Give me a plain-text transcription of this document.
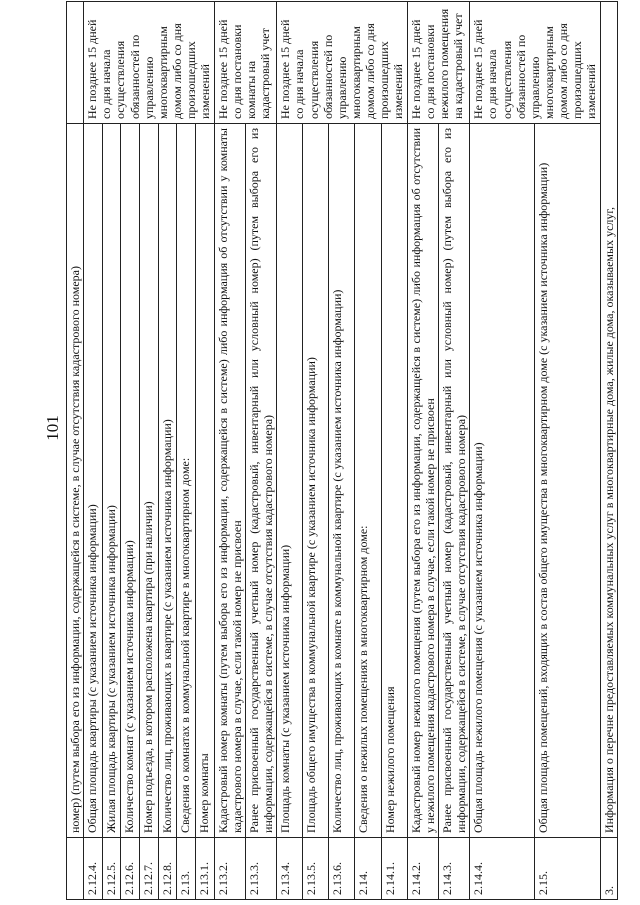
101
	номер) (путем выбора его из информации, содержащейся в системе, в случае отсутствия кадастрового номера)	
2.12.4.	Общая площадь квартиры (с указанием источника информации)	Не позднее 15 дней со дня начала осуществления обязанностей по управлению многоквартирным домом либо со дня произошедших изменений
2.12.5.	Жилая площадь квартиры (с указанием источника информации)	
2.12.6.	Количество комнат (с указанием источника информации)	
2.12.7.	Номер подъезда, в котором расположена квартира (при наличии)	
2.12.8.	Количество лиц, проживающих в квартире (с указанием источника информации)	
2.13.	Сведения о комнатах в коммунальной квартире в многоквартирном доме:	
2.13.1.	Номер комнаты	
2.13.2.	Кадастровый номер комнаты (путем выбора его из информации, содержащейся в системе) либо информация об отсутствии у комнаты кадастрового номера в случае, если такой номер не присвоен	Не позднее 15 дней со дня постановки комнаты на кадастровый учет
2.13.3.	Ранее присвоенный государственный учетный номер (кадастровый, инвентарный или условный номер) (путем выбора его из информации, содержащейся в системе, в случае отсутствия кадастрового номера)	
2.13.4.	Площадь комнаты (с указанием источника информации)	Не позднее 15 дней со дня начала осуществления обязанностей по управлению многоквартирным домом либо со дня произошедших изменений
2.13.5.	Площадь общего имущества в коммунальной квартире (с указанием источника информации)	
2.13.6.	Количество лиц, проживающих в комнате в коммунальной квартире (с указанием источника информации)	
2.14.	Сведения о нежилых помещениях в многоквартирном доме:	
2.14.1.	Номер нежилого помещения	
2.14.2.	Кадастровый номер нежилого помещения (путем выбора его из информации, содержащейся в системе) либо информация об отсутствии у нежилого помещения кадастрового номера в случае, если такой номер не присвоен	Не позднее 15 дней со дня постановки нежилого помещения на кадастровый учет
2.14.3.	Ранее присвоенный государственный учетный номер (кадастровый, инвентарный или условный номер) (путем выбора его из информации, содержащейся в системе, в случае отсутствия кадастрового номера)	
2.14.4.	Общая площадь нежилого помещения (с указанием источника информации)	Не позднее 15 дней со дня начала осуществления обязанностей по управлению многоквартирным домом либо со дня произошедших изменений
2.15.	Общая площадь помещений, входящих в состав общего имущества в многоквартирном доме (с указанием источника информации)	
3.	Информация о перечне предоставляемых коммунальных услуг в многоквартирные дома, жилые дома, оказываемых услуг,	
